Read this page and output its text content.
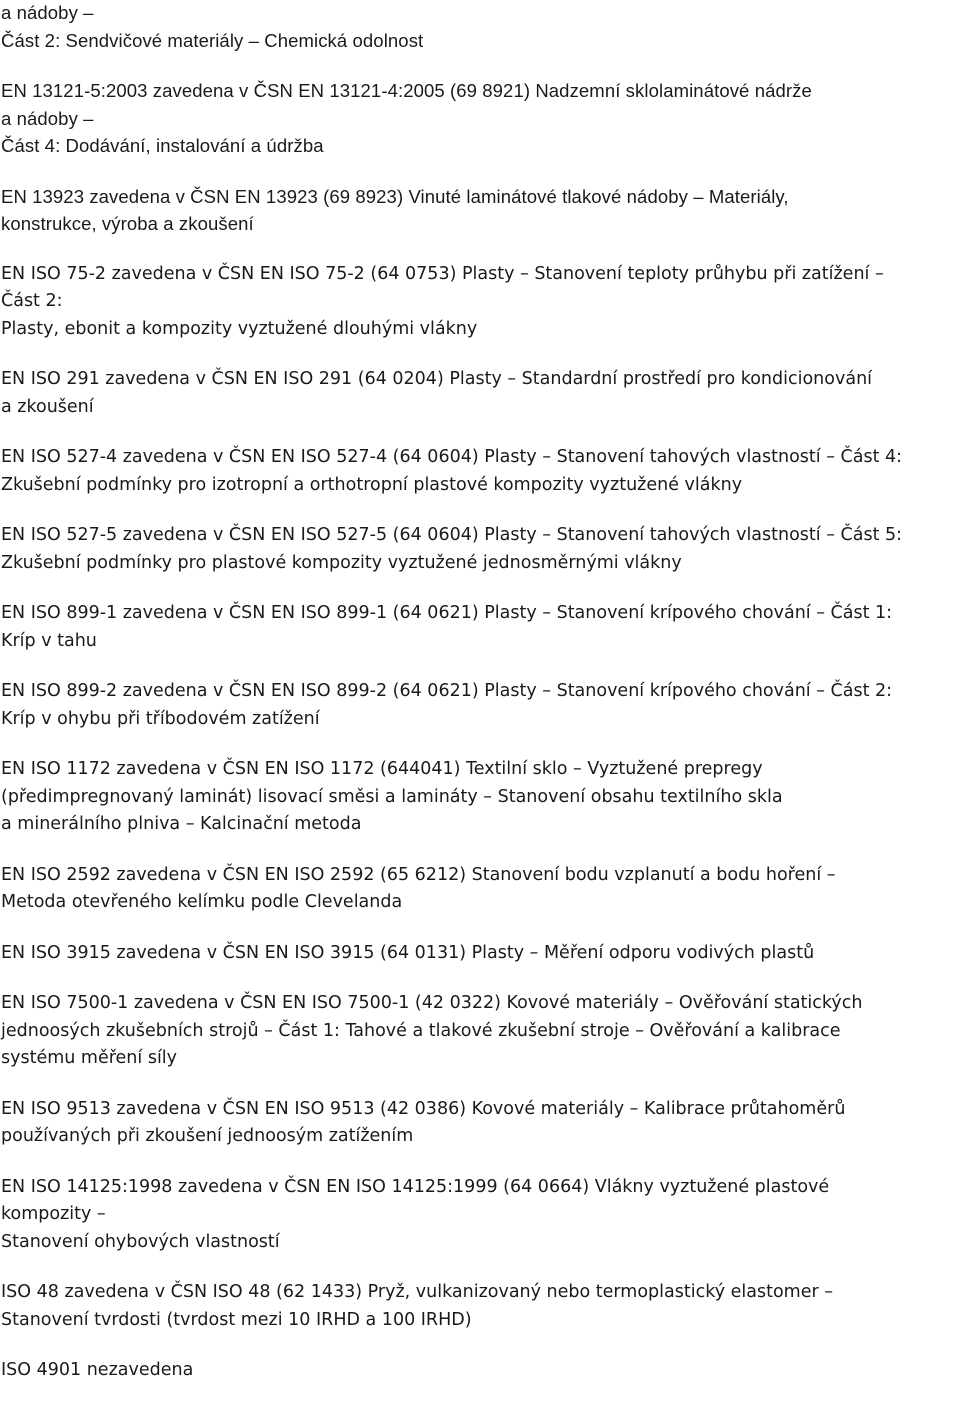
a nádoby –
Část 2: Sendvičové materiály – Chemická odolnost

EN 13121-5:2003 zavedena v ČSN EN 13121-4:2005 (69 8921) Nadzemní sklolaminátové nádrže
a nádoby –
Část 4: Dodávání, instalování a údržba

EN 13923 zavedena v ČSN EN 13923 (69 8923) Vinuté laminátové tlakové nádoby – Materiály,
konstrukce, výroba a zkoušení

EN ISO 75-2 zavedena v ČSN EN ISO 75-2 (64 0753) Plasty – Stanovení teploty průhybu při zatížení –
Část 2:
Plasty, ebonit a kompozity vyztužené dlouhými vlákny

EN ISO 291 zavedena v ČSN EN ISO 291 (64 0204) Plasty – Standardní prostředí pro kondicionování
a zkoušení

EN ISO 527-4 zavedena v ČSN EN ISO 527-4 (64 0604) Plasty – Stanovení tahových vlastností – Část 4:
Zkušební podmínky pro izotropní a orthotropní plastové kompozity vyztužené vlákny

EN ISO 527-5 zavedena v ČSN EN ISO 527-5 (64 0604) Plasty – Stanovení tahových vlastností – Část 5:
Zkušební podmínky pro plastové kompozity vyztužené jednosměrnými vlákny

EN ISO 899-1 zavedena v ČSN EN ISO 899-1 (64 0621) Plasty – Stanovení krípového chování – Část 1:
Kríp v tahu

EN ISO 899-2 zavedena v ČSN EN ISO 899-2 (64 0621) Plasty – Stanovení krípového chování – Část 2:
Kríp v ohybu při tříbodovém zatížení

EN ISO 1172 zavedena v ČSN EN ISO 1172 (644041) Textilní sklo – Vyztužené prepregy
(předimpregnovaný laminát) lisovací směsi a lamináty – Stanovení obsahu textilního skla
a minerálního plniva – Kalcinační metoda

EN ISO 2592 zavedena v ČSN EN ISO 2592 (65 6212) Stanovení bodu vzplanutí a bodu hoření –
Metoda otevřeného kelímku podle Clevelanda

EN ISO 3915 zavedena v ČSN EN ISO 3915 (64 0131) Plasty – Měření odporu vodivých plastů

EN ISO 7500-1 zavedena v ČSN EN ISO 7500-1 (42 0322) Kovové materiály – Ověřování statických
jednoosých zkušebních strojů – Část 1: Tahové a tlakové zkušební stroje – Ověřování a kalibrace
systému měření síly

EN ISO 9513 zavedena v ČSN EN ISO 9513 (42 0386) Kovové materiály – Kalibrace průtahoměrů
používaných při zkoušení jednoosým zatížením

EN ISO 14125:1998 zavedena v ČSN EN ISO 14125:1999 (64 0664) Vlákny vyztužené plastové
kompozity –
Stanovení ohybových vlastností

ISO 48 zavedena v ČSN ISO 48 (62 1433) Pryž, vulkanizovaný nebo termoplastický elastomer –
Stanovení tvrdosti (tvrdost mezi 10 IRHD a 100 IRHD)

ISO 4901 nezavedena
